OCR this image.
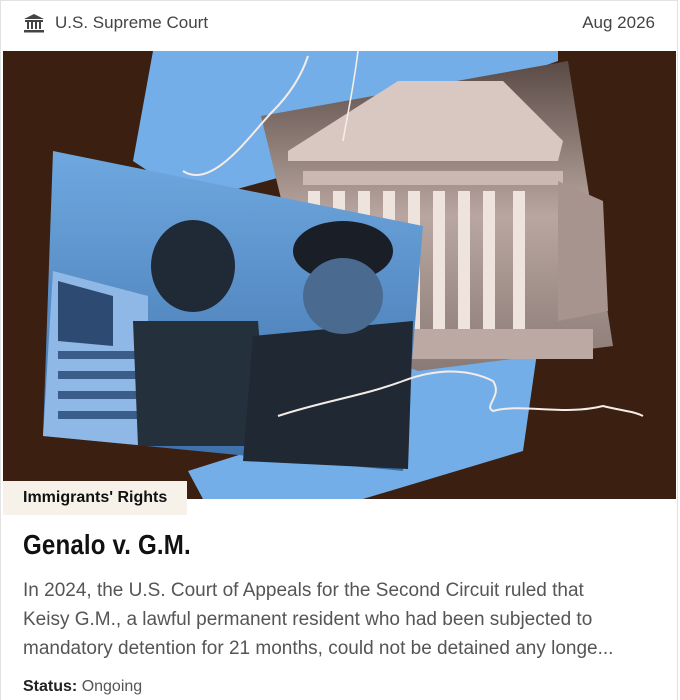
U.S. Supreme Court	Aug 2026
Immigrants' Rights
Genalo v. G.M.

In 2024, the U.S. Court of Appeals for the Second Circuit ruled that
Keisy G.M., a lawful permanent resident who had been subjected to
mandatory detention for 21 months, could not be detained any longe...

Status: Ongoing
